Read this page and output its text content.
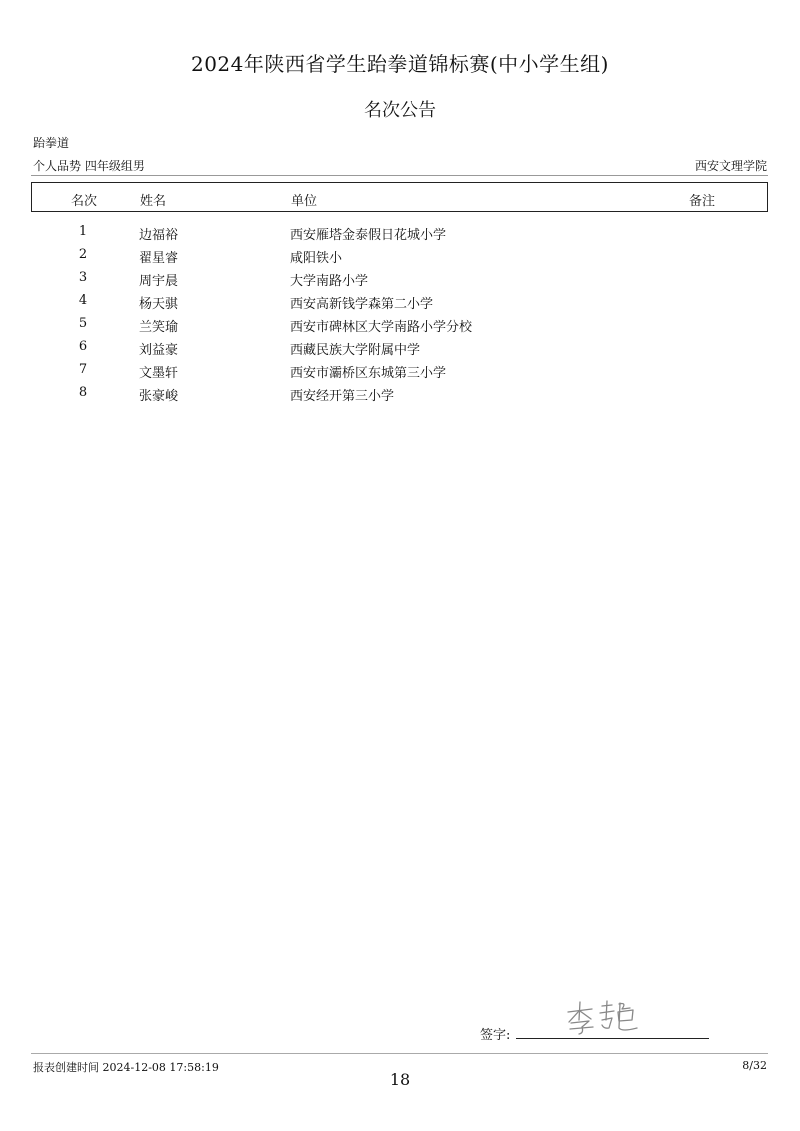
2024年陕西省学生跆拳道锦标赛(中小学生组)
名次公告
跆拳道
个人品势 四年级组男	西安文理学院
名次	姓名	单位	备注
1	边福裕	西安雁塔金泰假日花城小学
2	翟星睿	咸阳铁小
3	周宇晨	大学南路小学
4	杨天骐	西安高新钱学森第二小学
5	兰笑瑜	西安市碑林区大学南路小学分校
6	刘益豪	西藏民族大学附属中学
7	文墨轩	西安市灞桥区东城第三小学
8	张豪峻	西安经开第三小学
签字:
报表创建时间 2024-12-08 17:58:19	8/32
18
